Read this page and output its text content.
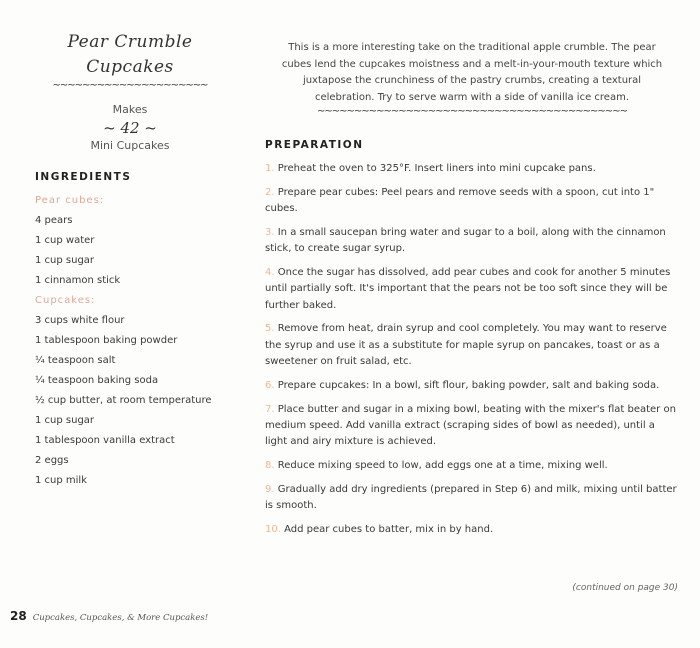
Pear Crumble
Cupcakes
~~~~~~~~~~~~~~~~~~~~~
Makes
~ 42 ~
Mini Cupcakes
INGREDIENTS
Pear cubes:
4 pears
1 cup water
1 cup sugar
1 cinnamon stick
Cupcakes:
3 cups white flour
1 tablespoon baking powder
¼ teaspoon salt
¼ teaspoon baking soda
½ cup butter, at room temperature
1 cup sugar
1 tablespoon vanilla extract
2 eggs
1 cup milk
This is a more interesting take on the traditional apple crumble. The pear cubes lend the cupcakes moistness and a melt-in-your-mouth texture which juxtapose the crunchiness of the pastry crumbs, creating a textural celebration. Try to serve warm with a side of vanilla ice cream.
~~~~~~~~~~~~~~~~~~~~~~~~~~~~~~~~~~~~~~~~~~
PREPARATION
1. Preheat the oven to 325°F. Insert liners into mini cupcake pans.
2. Prepare pear cubes: Peel pears and remove seeds with a spoon, cut into 1" cubes.
3. In a small saucepan bring water and sugar to a boil, along with the cinnamon stick, to create sugar syrup.
4. Once the sugar has dissolved, add pear cubes and cook for another 5 minutes until partially soft. It's important that the pears not be too soft since they will be further baked.
5. Remove from heat, drain syrup and cool completely. You may want to reserve the syrup and use it as a substitute for maple syrup on pancakes, toast or as a sweetener on fruit salad, etc.
6. Prepare cupcakes: In a bowl, sift flour, baking powder, salt and baking soda.
7. Place butter and sugar in a mixing bowl, beating with the mixer's flat beater on medium speed. Add vanilla extract (scraping sides of bowl as needed), until a light and airy mixture is achieved.
8. Reduce mixing speed to low, add eggs one at a time, mixing well.
9. Gradually add dry ingredients (prepared in Step 6) and milk, mixing until batter is smooth.
10. Add pear cubes to batter, mix in by hand.
(continued on page 30)
28 Cupcakes, Cupcakes, & More Cupcakes!
